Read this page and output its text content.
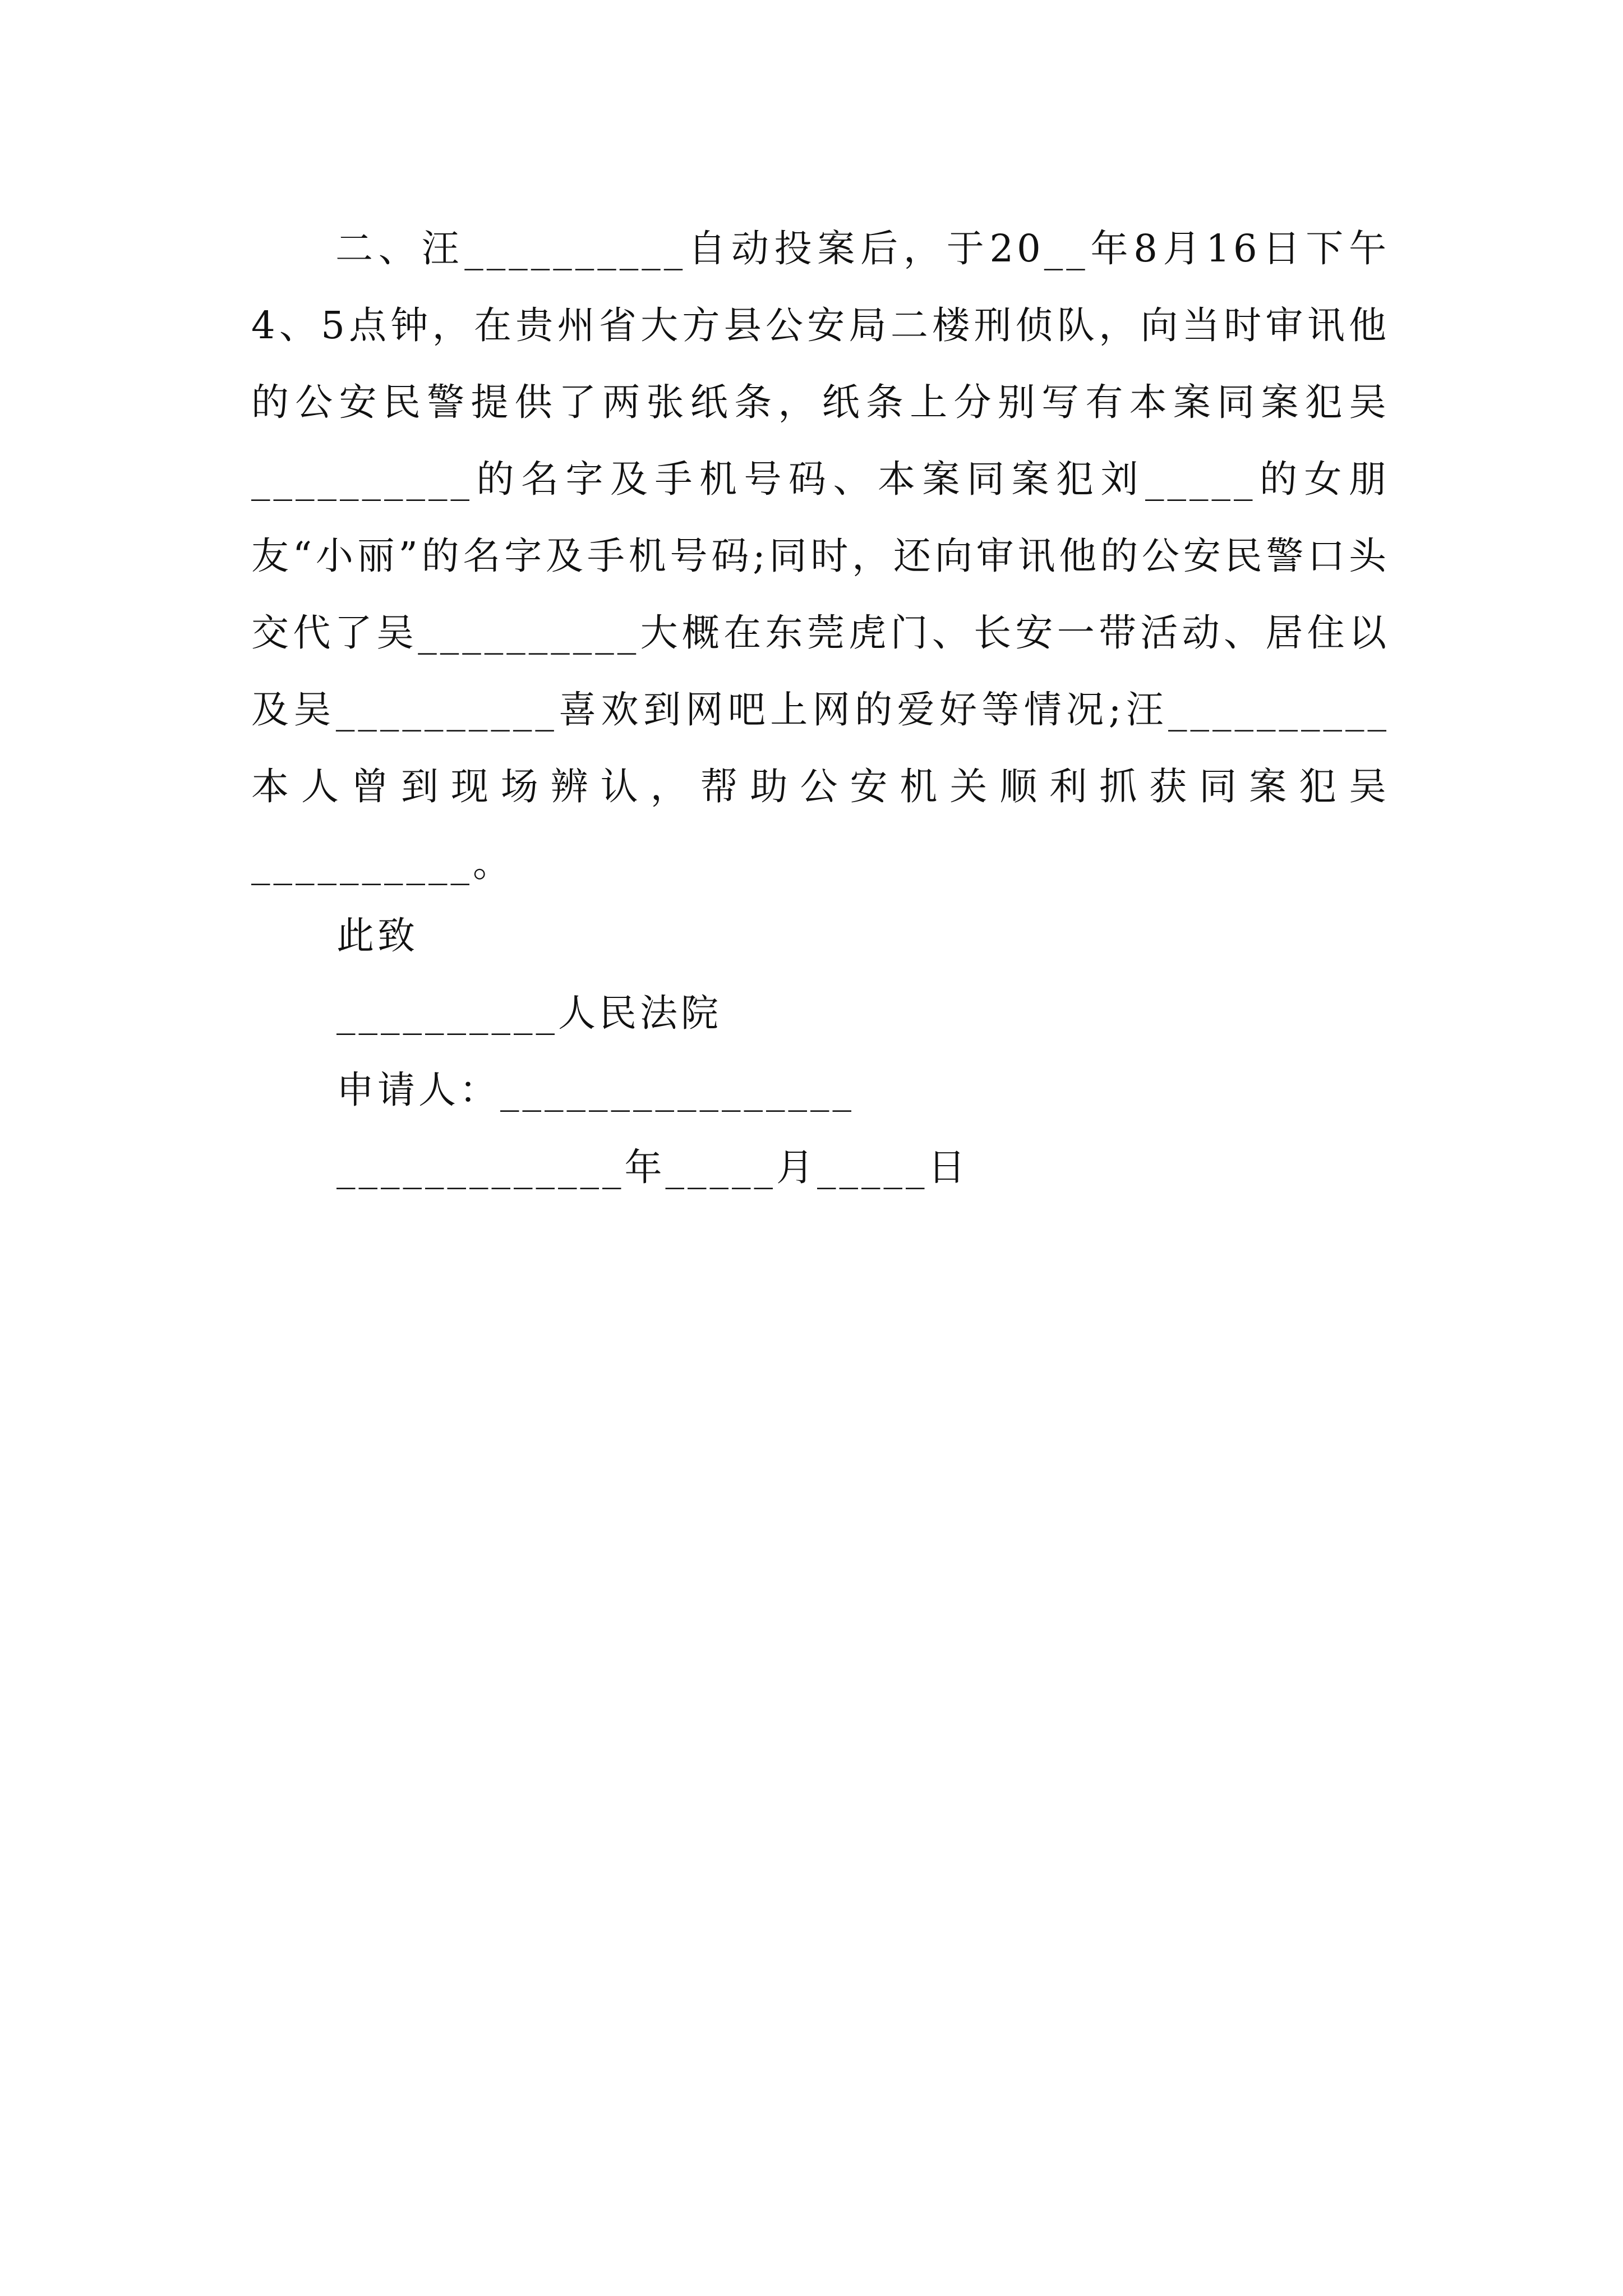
二、汪__________自动投案后，于20__年8月16日下午4、5点钟，在贵州省大方县公安局二楼刑侦队，向当时审讯他的公安民警提供了两张纸条，纸条上分别写有本案同案犯吴__________的名字及手机号码、本案同案犯刘_____的女朋友“小丽”的名字及手机号码;同时，还向审讯他的公安民警口头交代了吴__________大概在东莞虎门、长安一带活动、居住以及吴__________喜欢到网吧上网的爱好等情况;汪__________本人曾到现场辨认，帮助公安机关顺利抓获同案犯吴__________。

此致

__________人民法院

申请人：________________

_____________年_____月_____日
